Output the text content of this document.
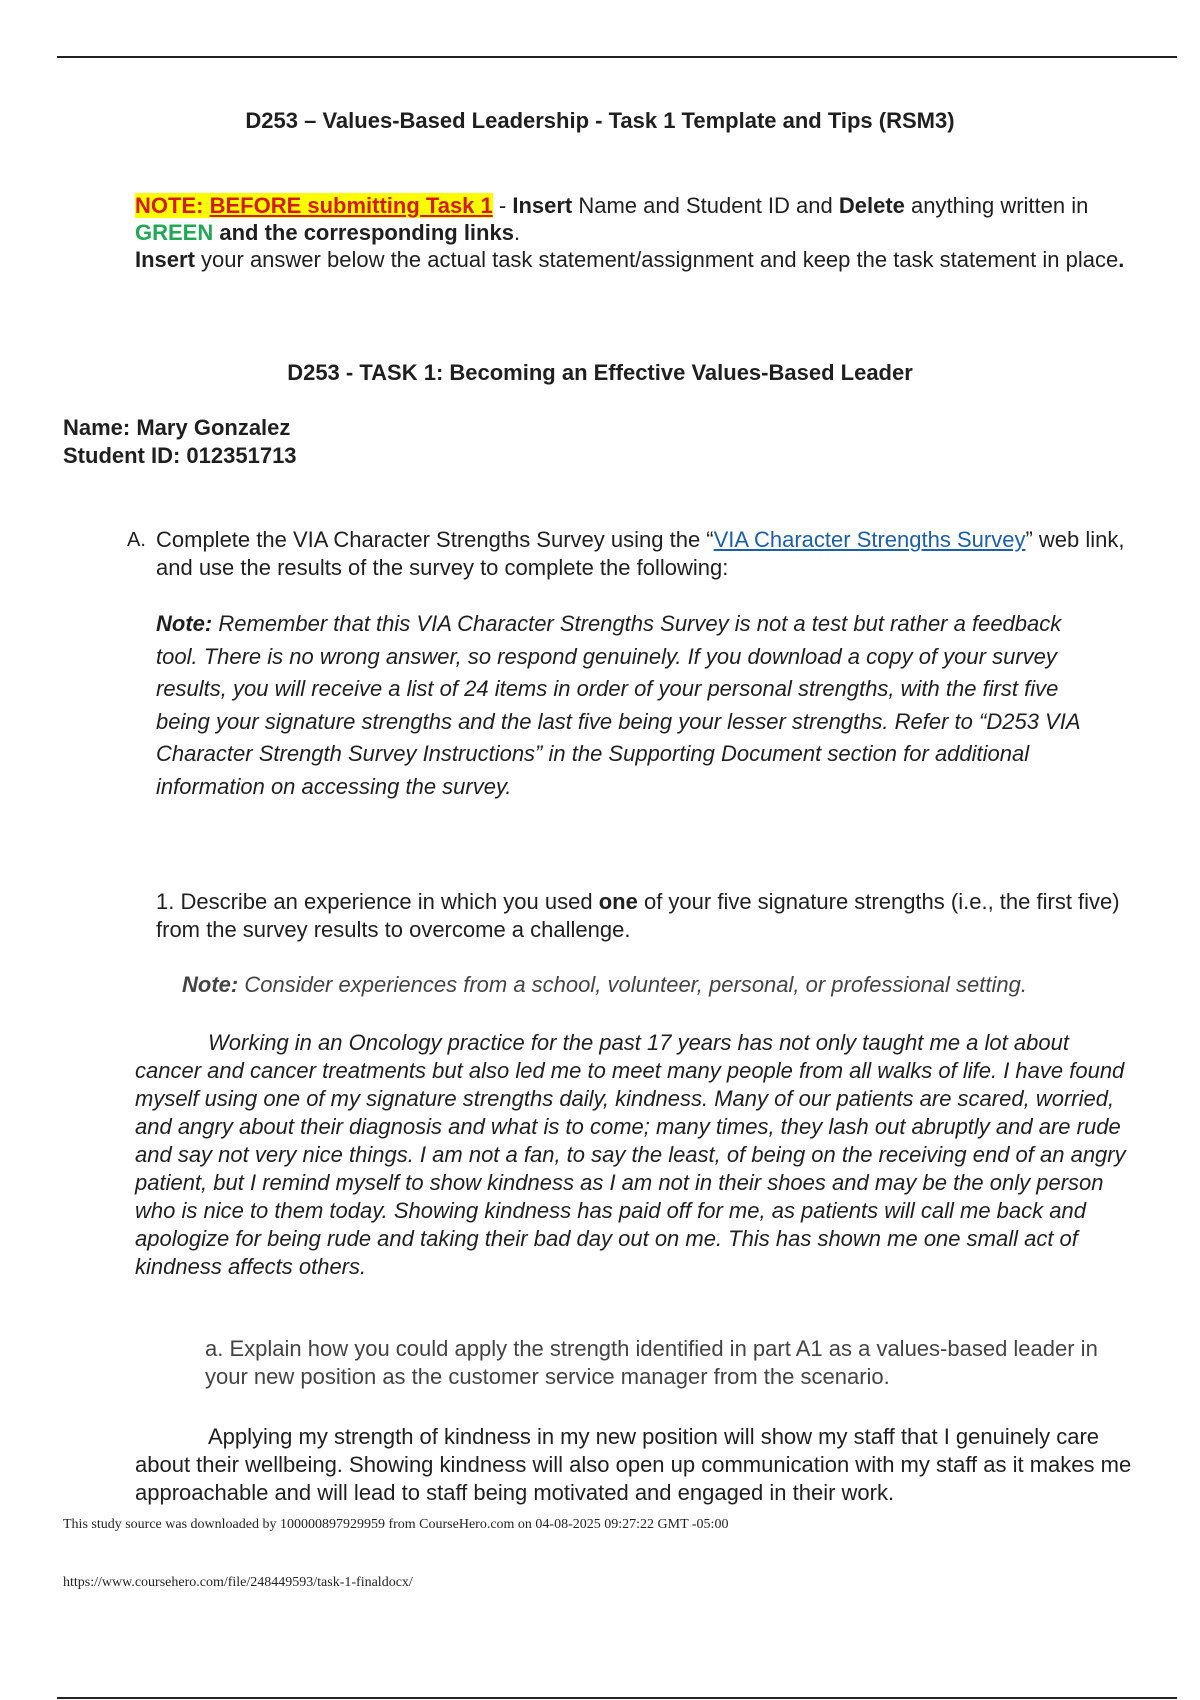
D253 – Values-Based Leadership - Task 1 Template and Tips (RSM3)
NOTE: BEFORE submitting Task 1 - Insert Name and Student ID and Delete anything written in GREEN and the corresponding links.
Insert your answer below the actual task statement/assignment and keep the task statement in place.
D253 - TASK 1: Becoming an Effective Values-Based Leader
Name: Mary Gonzalez
Student ID: 012351713
A. Complete the VIA Character Strengths Survey using the “VIA Character Strengths Survey” web link, and use the results of the survey to complete the following:
Note: Remember that this VIA Character Strengths Survey is not a test but rather a feedback tool. There is no wrong answer, so respond genuinely. If you download a copy of your survey results, you will receive a list of 24 items in order of your personal strengths, with the first five being your signature strengths and the last five being your lesser strengths. Refer to “D253 VIA Character Strength Survey Instructions” in the Supporting Document section for additional information on accessing the survey.
1. Describe an experience in which you used one of your five signature strengths (i.e., the first five) from the survey results to overcome a challenge.
Note: Consider experiences from a school, volunteer, personal, or professional setting.
Working in an Oncology practice for the past 17 years has not only taught me a lot about cancer and cancer treatments but also led me to meet many people from all walks of life. I have found myself using one of my signature strengths daily, kindness. Many of our patients are scared, worried, and angry about their diagnosis and what is to come; many times, they lash out abruptly and are rude and say not very nice things. I am not a fan, to say the least, of being on the receiving end of an angry patient, but I remind myself to show kindness as I am not in their shoes and may be the only person who is nice to them today. Showing kindness has paid off for me, as patients will call me back and apologize for being rude and taking their bad day out on me. This has shown me one small act of kindness affects others.
a. Explain how you could apply the strength identified in part A1 as a values-based leader in your new position as the customer service manager from the scenario.
Applying my strength of kindness in my new position will show my staff that I genuinely care about their wellbeing. Showing kindness will also open up communication with my staff as it makes me approachable and will lead to staff being motivated and engaged in their work.
This study source was downloaded by 100000897929959 from CourseHero.com on 04-08-2025 09:27:22 GMT -05:00
https://www.coursehero.com/file/248449593/task-1-finaldocx/
